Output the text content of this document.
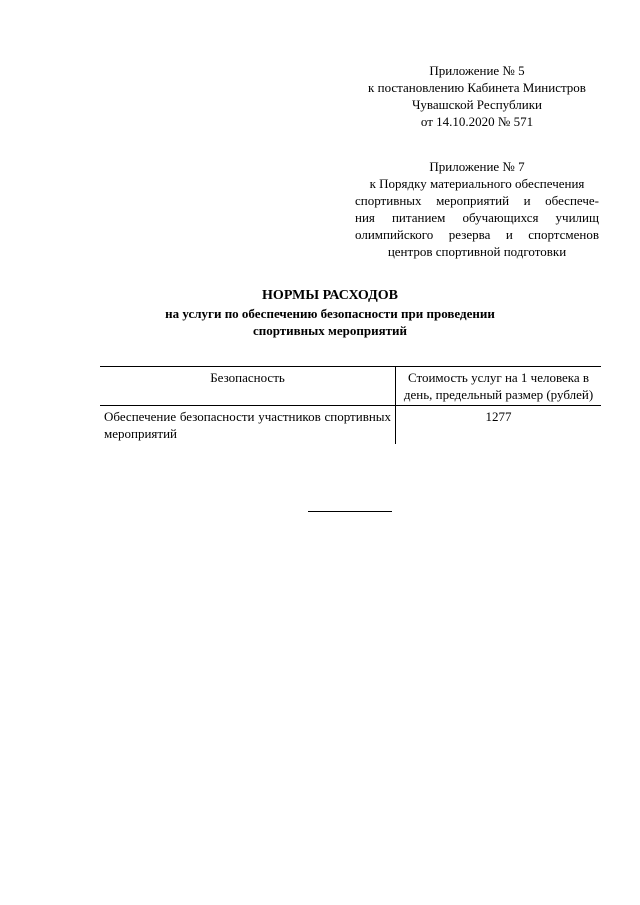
Приложение № 5
к постановлению Кабинета Министров
Чувашской Республики
от 14.10.2020 № 571
Приложение № 7
к Порядку материального обеспечения
спортивных мероприятий и обеспече-
ния питанием обучающихся училищ
олимпийского резерва и спортсменов
центров спортивной подготовки
НОРМЫ РАСХОДОВ
на услуги по обеспечению безопасности при проведении
спортивных мероприятий
Безопасность	Стоимость услуг на 1 человека в день, предельный размер (рублей)
Обеспечение безопасности участников спортивных мероприятий	1277
